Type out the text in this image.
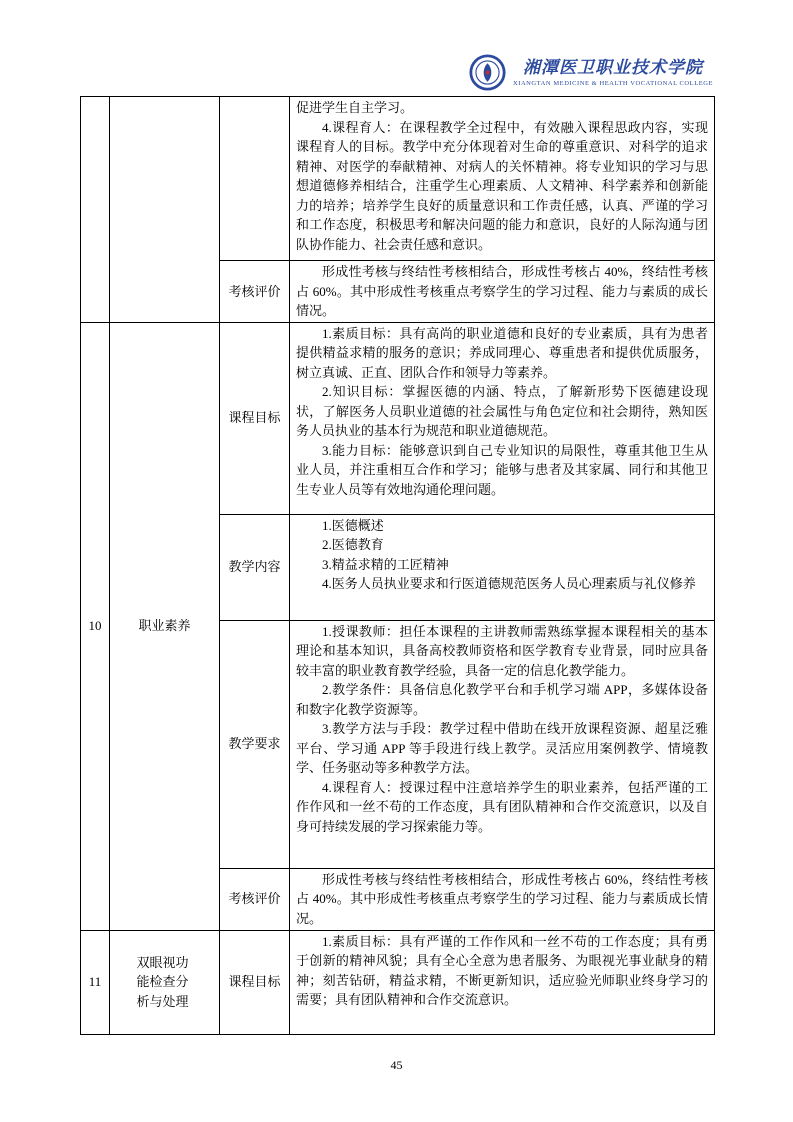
湘潭医卫职业技术学院
XIANGTAN MEDICINE & HEALTH VOCATIONAL COLLEGE

			促进学生自主学习。

4.课程育人：在课程教学全过程中，有效融入课程思政内容，实现课程育人的目标。教学中充分体现着对生命的尊重意识、对科学的追求精神、对医学的奉献精神、对病人的关怀精神。将专业知识的学习与思想道德修养相结合，注重学生心理素质、人文精神、科学素养和创新能力的培养；培养学生良好的质量意识和工作责任感，认真、严谨的学习和工作态度，积极思考和解决问题的能力和意识，良好的人际沟通与团队协作能力、社会责任感和意识。

		考核评价	形成性考核与终结性考核相结合，形成性考核占 40%，终结性考核占 60%。其中形成性考核重点考察学生的学习过程、能力与素质的成长情况。

10	职业素养	课程目标	1.素质目标：具有高尚的职业道德和良好的专业素质，具有为患者提供精益求精的服务的意识；养成同理心、尊重患者和提供优质服务，树立真诚、正直、团队合作和领导力等素养。

2.知识目标：掌握医德的内涵、特点，了解新形势下医德建设现状，了解医务人员职业道德的社会属性与角色定位和社会期待，熟知医务人员执业的基本行为规范和职业道德规范。

3.能力目标：能够意识到自己专业知识的局限性，尊重其他卫生从业人员，并注重相互合作和学习；能够与患者及其家属、同行和其他卫生专业人员等有效地沟通伦理问题。

		教学内容	1.医德概述

2.医德教育

3.精益求精的工匠精神

4.医务人员执业要求和行医道德规范医务人员心理素质与礼仪修养

		教学要求	1.授课教师：担任本课程的主讲教师需熟练掌握本课程相关的基本理论和基本知识，具备高校教师资格和医学教育专业背景，同时应具备较丰富的职业教育教学经验，具备一定的信息化教学能力。

2.教学条件：具备信息化教学平台和手机学习端 APP，多媒体设备和数字化教学资源等。

3.教学方法与手段：教学过程中借助在线开放课程资源、超星泛雅平台、学习通 APP 等手段进行线上教学。灵活应用案例教学、情境教学、任务驱动等多种教学方法。

4.课程育人：授课过程中注意培养学生的职业素养，包括严谨的工作作风和一丝不苟的工作态度，具有团队精神和合作交流意识，以及自身可持续发展的学习探索能力等。

		考核评价	形成性考核与终结性考核相结合，形成性考核占 60%，终结性考核占 40%。其中形成性考核重点考察学生的学习过程、能力与素质成长情况。

11	双眼视功能检查分析与处理	课程目标	1.素质目标：具有严谨的工作作风和一丝不苟的工作态度；具有勇于创新的精神风貌；具有全心全意为患者服务、为眼视光事业献身的精神；刻苦钻研，精益求精，不断更新知识，适应验光师职业终身学习的需要；具有团队精神和合作交流意识。

45
